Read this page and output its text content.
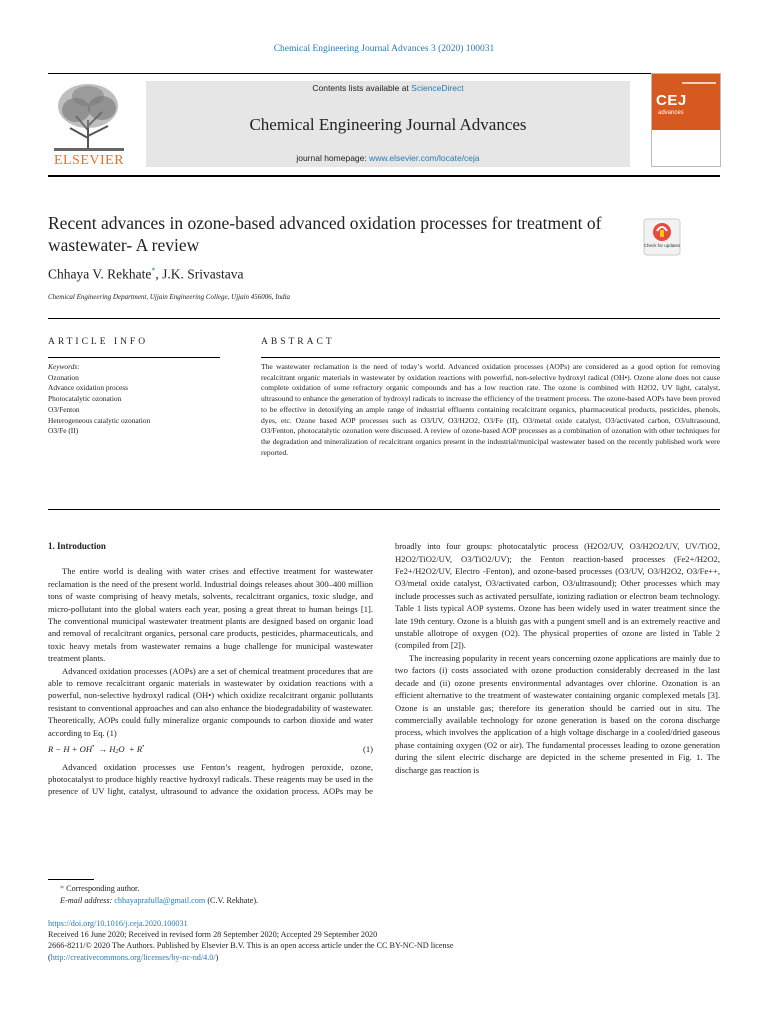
Chemical Engineering Journal Advances 3 (2020) 100031
ELSEVIER
Contents lists available at ScienceDirect
Chemical Engineering Journal Advances
journal homepage: www.elsevier.com/locate/ceja
CEJ
advances
Recent advances in ozone-based advanced oxidation processes for treatment of wastewater- A review	Check for updates
Chhaya V. Rekhate*, J.K. Srivastava
Chemical Engineering Department, Ujjain Engineering College, Ujjain 456006, India
ARTICLE INFO	ABSTRACT
Keywords:
Ozonation
Advance oxidation process
Photocatalytic ozonation
O3/Fenton
Heterogeneous catalytic ozonation
O3/Fe (II)
The wastewater reclamation is the need of today’s world. Advanced oxidation processes (AOPs) are considered as a good option for removing recalcitrant organic materials in wastewater by oxidation reactions with powerful, non-selective hydroxyl radical (OH•). Ozone alone does not cause complete oxidation of some refractory organic compounds and has a low reaction rate. The ozone is combined with H2O2, UV light, catalyst, ultrasound to enhance the generation of hydroxyl radicals to increase the efficiency of the treatment process. The ozone-based AOPs have been proved to be effective in detoxifying an ample range of industrial effluents containing recalcitrant organics, pharmaceutical products, pesticides, phenols, dyes, etc. Ozone based AOP processes such as O3/UV, O3/H2O2, O3/Fe (II), O3/metal oxide catalyst, O3/activated carbon, O3/ultrasound, O3/Fenton, photocatalytic ozonation were discussed. A review of ozone-based AOP processes as a combination of ozonation with other techniques for the degradation and mineralization of recalcitrant organics present in the industrial/municipal wastewater based on the recently published work were reported.

1. Introduction

The entire world is dealing with water crises and effective treatment for wastewater reclamation is the need of the present world. Industrial doings releases about 300–400 million tons of waste comprising of heavy metals, solvents, recalcitrant organics, toxic sludge, and micro-pollutant into the global waters each year, posing a great threat to human beings [1]. The conventional municipal wastewater treatment plants are designed based on organic load and removal of recalcitrant organics, personal care products, pesticides, pharmaceuticals, and toxic heavy metals from wastewater remains a huge challenge for municipal wastewater treatment plants.

Advanced oxidation processes (AOPs) are a set of chemical treatment procedures that are able to remove recalcitrant organic materials in wastewater by oxidation reactions with a powerful, non-selective hydroxyl radical (OH•) which oxidize recalcitrant organic pollutants resistant to conventional approaches and can also enhance the biodegradability of wastewater. Theoretically, AOPs could fully mineralize organic compounds to carbon dioxide and water according to Eq. (1)

$R - H + OH^• \to H_2O + R^•$	(1)

Advanced oxidation processes use Fenton’s reagent, hydrogen peroxide, ozone, photocatalyst to produce highly reactive hydroxyl radicals. These reagents may be used in the presence of UV light, catalyst, ultrasound to advance the oxidation process. AOPs may be

broadly into four groups: photocatalytic process (H2O2/UV, O3/H2O2/UV, UV/TiO2, H2O2/TiO2/UV, O3/TiO2/UV); the Fenton reaction-based processes (Fe2+/H2O2, Fe2+/H2O2/UV, Electro -Fenton), and ozone-based processes (O3/UV, O3/H2O2, O3/Fe++, O3/metal oxide catalyst, O3/activated carbon, O3/ultrasound); Other processes which may include processes such as activated persulfate, ionizing radiation or electron beam technology. Table 1 lists typical AOP systems. Ozone has been widely used in water treatment since the late 19th century. Ozone is a bluish gas with a pungent smell and is an extremely reactive and unstable allotrope of oxygen (O2). The physical properties of ozone are listed in Table 2 (compiled from [2]).

The increasing popularity in recent years concerning ozone applications are mainly due to two factors (i) costs associated with ozone production considerably decreased in the last decade and (ii) ozone presents environmental advantages over chlorine. Ozonation is an efficient alternative to the treatment of wastewater containing organic complexed metals [3]. Ozone is an unstable gas; therefore its generation should be carried out in situ. The commercially available technology for ozone generation is based on the corona discharge process, which involves the application of a high voltage discharge in a cooled/dried gaseous phase containing oxygen (O2 or air). The fundamental processes leading to ozone generation during the silent electric discharge are depicted in the scheme presented in Fig. 1. The discharge gas reaction is

* Corresponding author.
E-mail address: chhayaprafulla@gmail.com (C.V. Rekhate).
https://doi.org/10.1016/j.ceja.2020.100031
Received 16 June 2020; Received in revised form 28 September 2020; Accepted 29 September 2020
2666-8211/© 2020 The Authors. Published by Elsevier B.V. This is an open access article under the CC BY-NC-ND license
(http://creativecommons.org/licenses/by-nc-nd/4.0/)
